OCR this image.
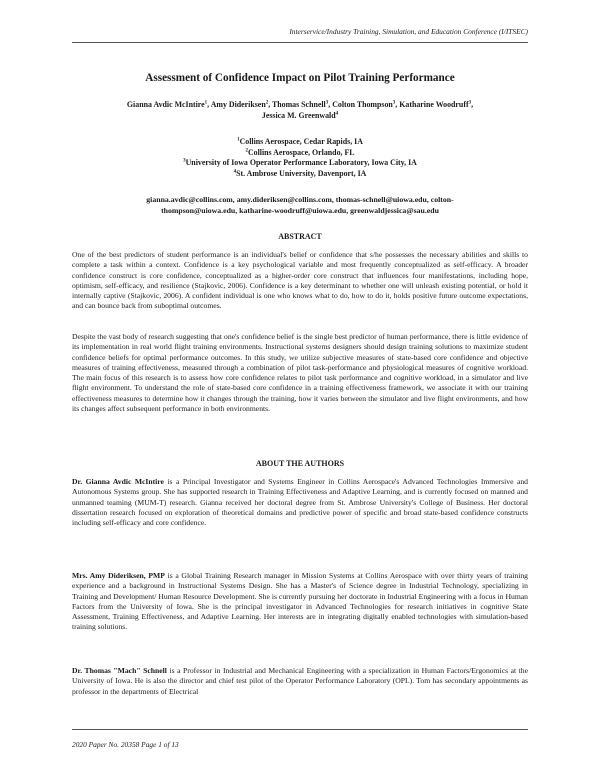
Interservice/Industry Training, Simulation, and Education Conference (I/ITSEC)
Assessment of Confidence Impact on Pilot Training Performance
Gianna Avdic McIntire$^1$, Amy Dideriksen$^2$, Thomas Schnell$^3$, Colton Thompson$^3$, Katharine Woodruff$^3$,
Jessica M. Greenwald$^4$
$^1$Collins Aerospace, Cedar Rapids, IA
$^2$Collins Aerospace, Orlando, FL
$^3$University of Iowa Operator Performance Laboratory, Iowa City, IA
$^4$St. Ambrose University, Davenport, IA
gianna.avdic@collins.com, amy.dideriksen@collins.com, thomas-schnell@uiowa.edu, colton-
thompson@uiowa.edu, katharine-woodruff@uiowa.edu, greenwaldjessica@sau.edu
ABSTRACT
One of the best predictors of student performance is an individual's belief or confidence that s/he possesses the necessary abilities and skills to complete a task within a context. Confidence is a key psychological variable and most frequently conceptualized as self-efficacy. A broader confidence construct is core confidence, conceptualized as a higher-order core construct that influences four manifestations, including hope, optimism, self-efficacy, and resilience (Stajkovic, 2006). Confidence is a key determinant to whether one will unleash existing potential, or hold it internally captive (Stajkovic, 2006). A confident individual is one who knows what to do, how to do it, holds positive future outcome expectations, and can bounce back from suboptimal outcomes.
Despite the vast body of research suggesting that one's confidence belief is the single best predictor of human performance, there is little evidence of its implementation in real world flight training environments. Instructional systems designers should design training solutions to maximize student confidence beliefs for optimal performance outcomes. In this study, we utilize subjective measures of state-based core confidence and objective measures of training effectiveness, measured through a combination of pilot task-performance and physiological measures of cognitive workload. The main focus of this research is to assess how core confidence relates to pilot task performance and cognitive workload, in a simulator and live flight environment. To understand the role of state-based core confidence in a training effectiveness framework, we associate it with our training effectiveness measures to determine how it changes through the training, how it varies between the simulator and live flight environments, and how its changes affect subsequent performance in both environments.
ABOUT THE AUTHORS
Dr. Gianna Avdic McIntire is a Principal Investigator and Systems Engineer in Collins Aerospace's Advanced Technologies Immersive and Autonomous Systems group. She has supported research in Training Effectiveness and Adaptive Learning, and is currently focused on manned and unmanned teaming (MUM-T) research. Gianna received her doctoral degree from St. Ambrose University's College of Business. Her doctoral dissertation research focused on exploration of theoretical domains and predictive power of specific and broad state-based confidence constructs including self-efficacy and core confidence.
Mrs. Amy Dideriksen, PMP is a Global Training Research manager in Mission Systems at Collins Aerospace with over thirty years of training experience and a background in Instructional Systems Design. She has a Master's of Science degree in Industrial Technology, specializing in Training and Development/ Human Resource Development. She is currently pursuing her doctorate in Industrial Engineering with a focus in Human Factors from the University of Iowa. She is the principal investigator in Advanced Technologies for research initiatives in cognitive State Assessment, Training Effectiveness, and Adaptive Learning. Her interests are in integrating digitally enabled technologies with simulation-based training solutions.
Dr. Thomas "Mach" Schnell is a Professor in Industrial and Mechanical Engineering with a specialization in Human Factors/Ergonomics at the University of Iowa. He is also the director and chief test pilot of the Operator Performance Laboratory (OPL). Tom has secondary appointments as professor in the departments of Electrical
2020 Paper No. 20358 Page 1 of 13
